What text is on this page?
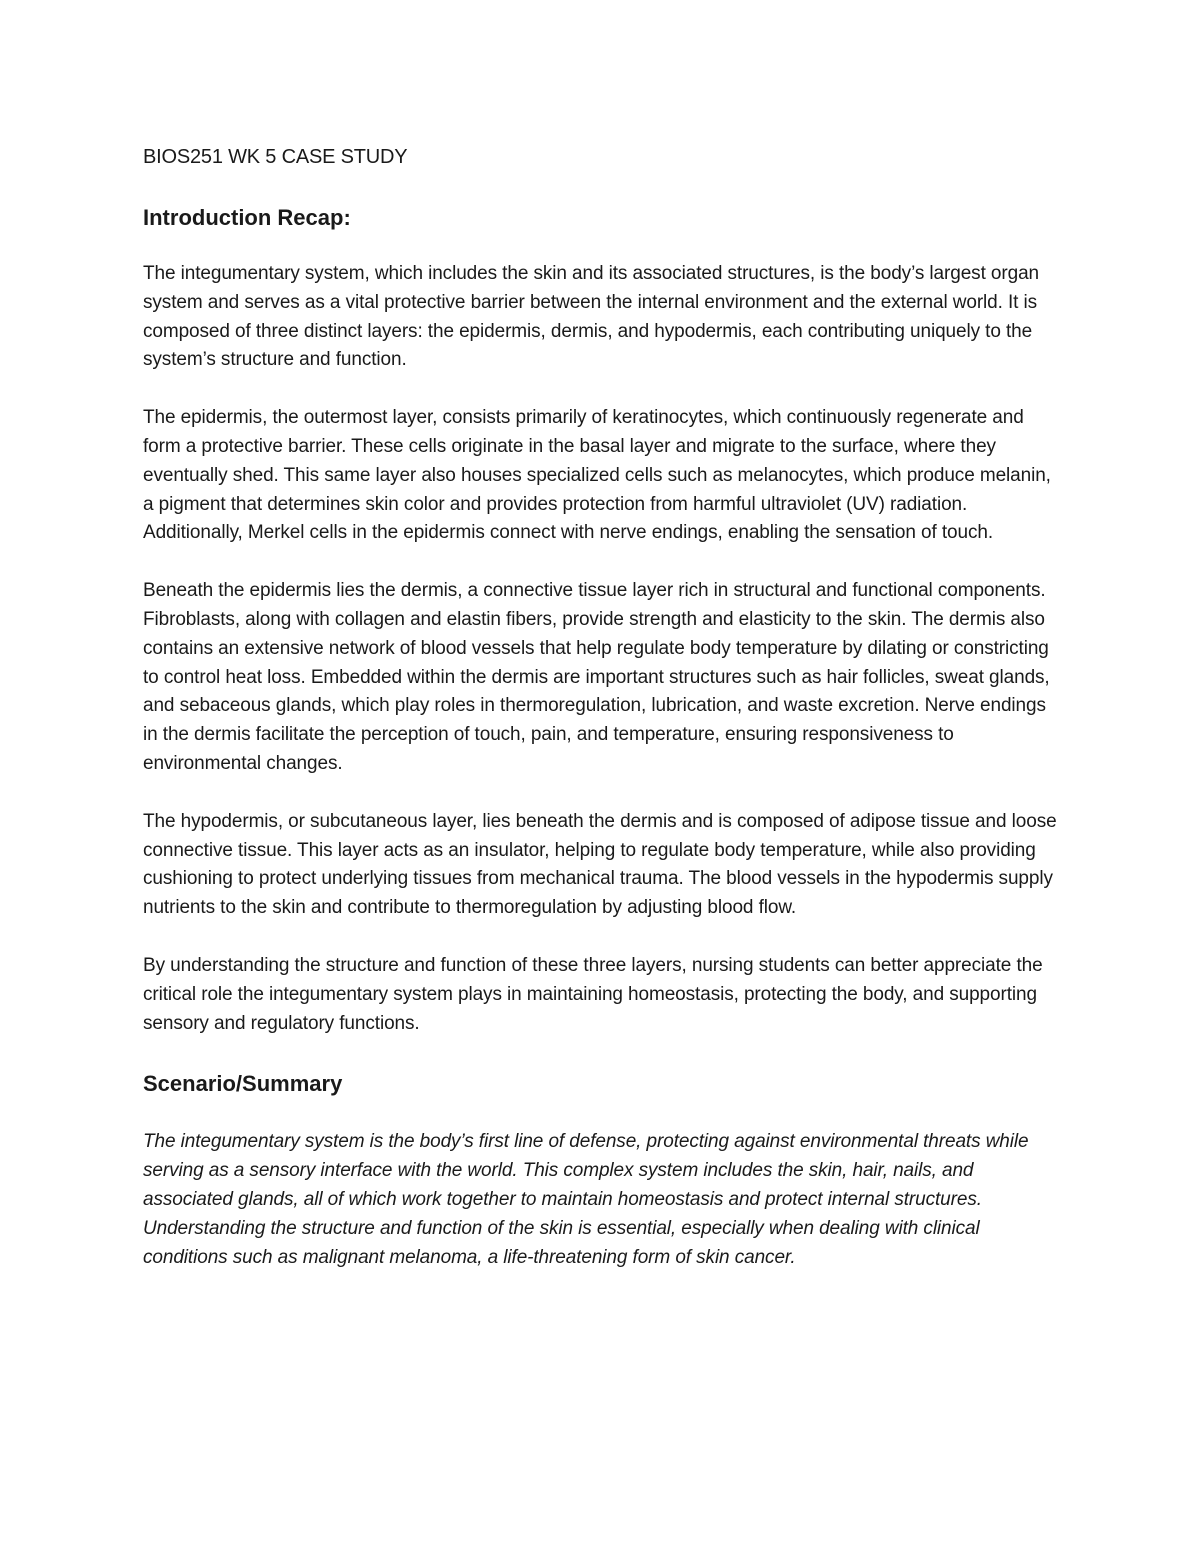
BIOS251 WK 5 CASE STUDY
Introduction Recap:

The integumentary system, which includes the skin and its associated structures, is the body’s largest organ system and serves as a vital protective barrier between the internal environment and the external world. It is composed of three distinct layers: the epidermis, dermis, and hypodermis, each contributing uniquely to the system’s structure and function.

The epidermis, the outermost layer, consists primarily of keratinocytes, which continuously regenerate and form a protective barrier. These cells originate in the basal layer and migrate to the surface, where they eventually shed. This same layer also houses specialized cells such as melanocytes, which produce melanin, a pigment that determines skin color and provides protection from harmful ultraviolet (UV) radiation. Additionally, Merkel cells in the epidermis connect with nerve endings, enabling the sensation of touch.

Beneath the epidermis lies the dermis, a connective tissue layer rich in structural and functional components. Fibroblasts, along with collagen and elastin fibers, provide strength and elasticity to the skin. The dermis also contains an extensive network of blood vessels that help regulate body temperature by dilating or constricting to control heat loss. Embedded within the dermis are important structures such as hair follicles, sweat glands, and sebaceous glands, which play roles in thermoregulation, lubrication, and waste excretion. Nerve endings in the dermis facilitate the perception of touch, pain, and temperature, ensuring responsiveness to environmental changes.

The hypodermis, or subcutaneous layer, lies beneath the dermis and is composed of adipose tissue and loose connective tissue. This layer acts as an insulator, helping to regulate body temperature, while also providing cushioning to protect underlying tissues from mechanical trauma. The blood vessels in the hypodermis supply nutrients to the skin and contribute to thermoregulation by adjusting blood flow.

By understanding the structure and function of these three layers, nursing students can better appreciate the critical role the integumentary system plays in maintaining homeostasis, protecting the body, and supporting sensory and regulatory functions.

Scenario/Summary

The integumentary system is the body’s first line of defense, protecting against environmental threats while serving as a sensory interface with the world. This complex system includes the skin, hair, nails, and associated glands, all of which work together to maintain homeostasis and protect internal structures. Understanding the structure and function of the skin is essential, especially when dealing with clinical conditions such as malignant melanoma, a life-threatening form of skin cancer.
